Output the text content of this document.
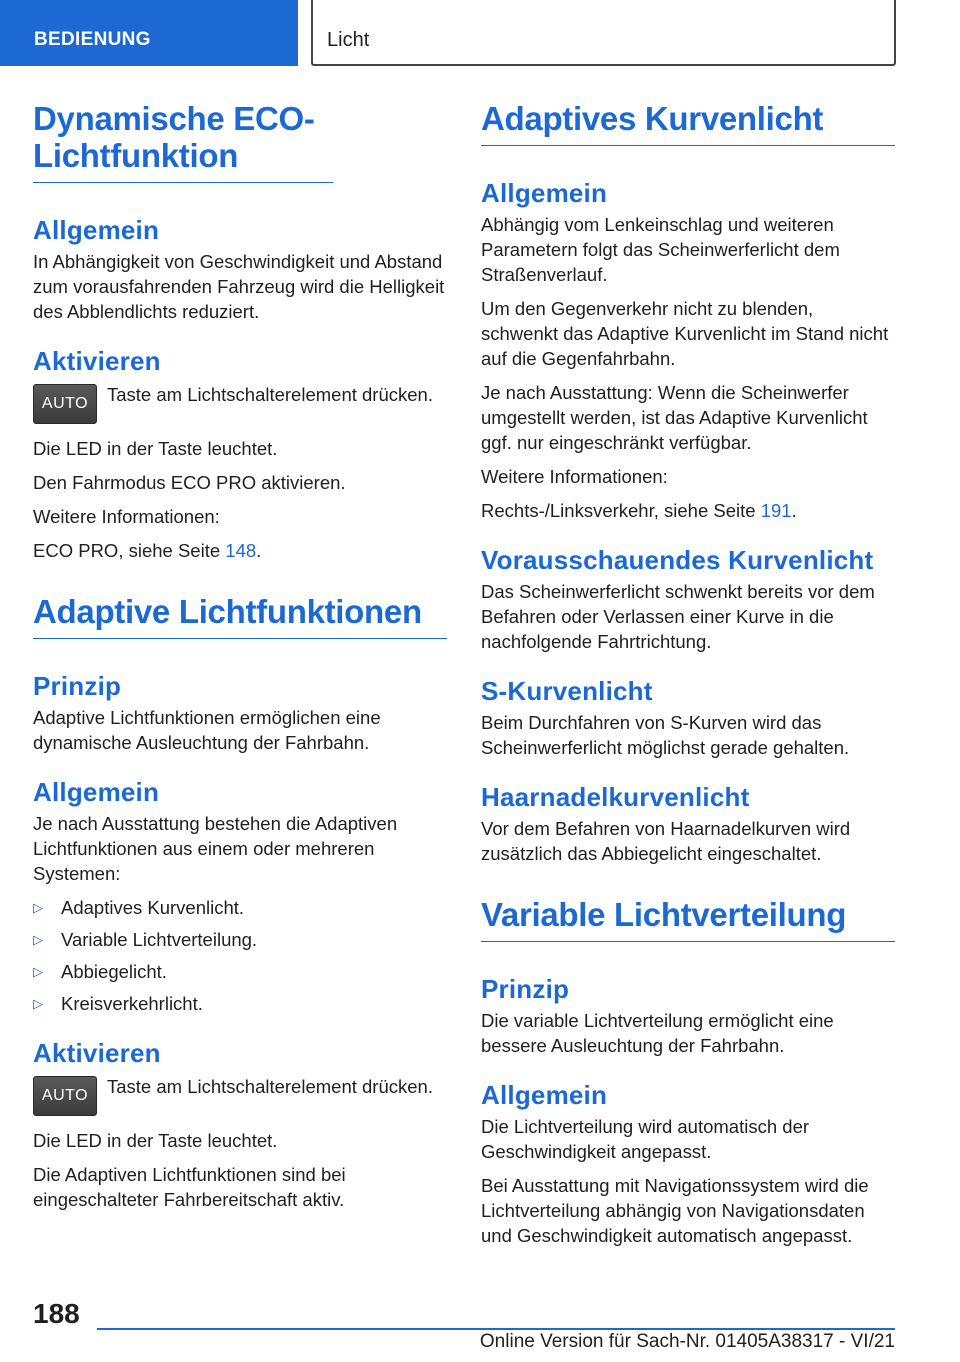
BEDIENUNG	Licht
Dynamische ECO-Lichtfunktion
Allgemein

In Abhängigkeit von Geschwindigkeit und Abstand zum vorausfahrenden Fahrzeug wird die Helligkeit des Abblendlichts reduziert.

Aktivieren
AUTO	Taste am Lichtschalterelement drücken.

Die LED in der Taste leuchtet.

Den Fahrmodus ECO PRO aktivieren.

Weitere Informationen:

ECO PRO, siehe Seite 148.

Adaptive Lichtfunktionen
Prinzip

Adaptive Lichtfunktionen ermöglichen eine dynamische Ausleuchtung der Fahrbahn.

Allgemein

Je nach Ausstattung bestehen die Adaptiven Lichtfunktionen aus einem oder mehreren Systemen:

▷ Adaptives Kurvenlicht.
▷ Variable Lichtverteilung.
▷ Abbiegelicht.
▷ Kreisverkehrlicht.
Aktivieren
AUTO	Taste am Lichtschalterelement drücken.

Die LED in der Taste leuchtet.

Die Adaptiven Lichtfunktionen sind bei eingeschalteter Fahrbereitschaft aktiv.

Adaptives Kurvenlicht
Allgemein

Abhängig vom Lenkeinschlag und weiteren Parametern folgt das Scheinwerferlicht dem Straßenverlauf.

Um den Gegenverkehr nicht zu blenden, schwenkt das Adaptive Kurvenlicht im Stand nicht auf die Gegenfahrbahn.

Je nach Ausstattung: Wenn die Scheinwerfer umgestellt werden, ist das Adaptive Kurvenlicht ggf. nur eingeschränkt verfügbar.

Weitere Informationen:

Rechts-/Linksverkehr, siehe Seite 191.

Vorausschauendes Kurvenlicht

Das Scheinwerferlicht schwenkt bereits vor dem Befahren oder Verlassen einer Kurve in die nachfolgende Fahrtrichtung.

S-Kurvenlicht

Beim Durchfahren von S-Kurven wird das Scheinwerferlicht möglichst gerade gehalten.

Haarnadelkurvenlicht

Vor dem Befahren von Haarnadelkurven wird zusätzlich das Abbiegelicht eingeschaltet.

Variable Lichtverteilung
Prinzip

Die variable Lichtverteilung ermöglicht eine bessere Ausleuchtung der Fahrbahn.

Allgemein

Die Lichtverteilung wird automatisch der Geschwindigkeit angepasst.

Bei Ausstattung mit Navigationssystem wird die Lichtverteilung abhängig von Navigationsdaten und Geschwindigkeit automatisch angepasst.

188
Online Version für Sach-Nr. 01405A38317 - VI/21
